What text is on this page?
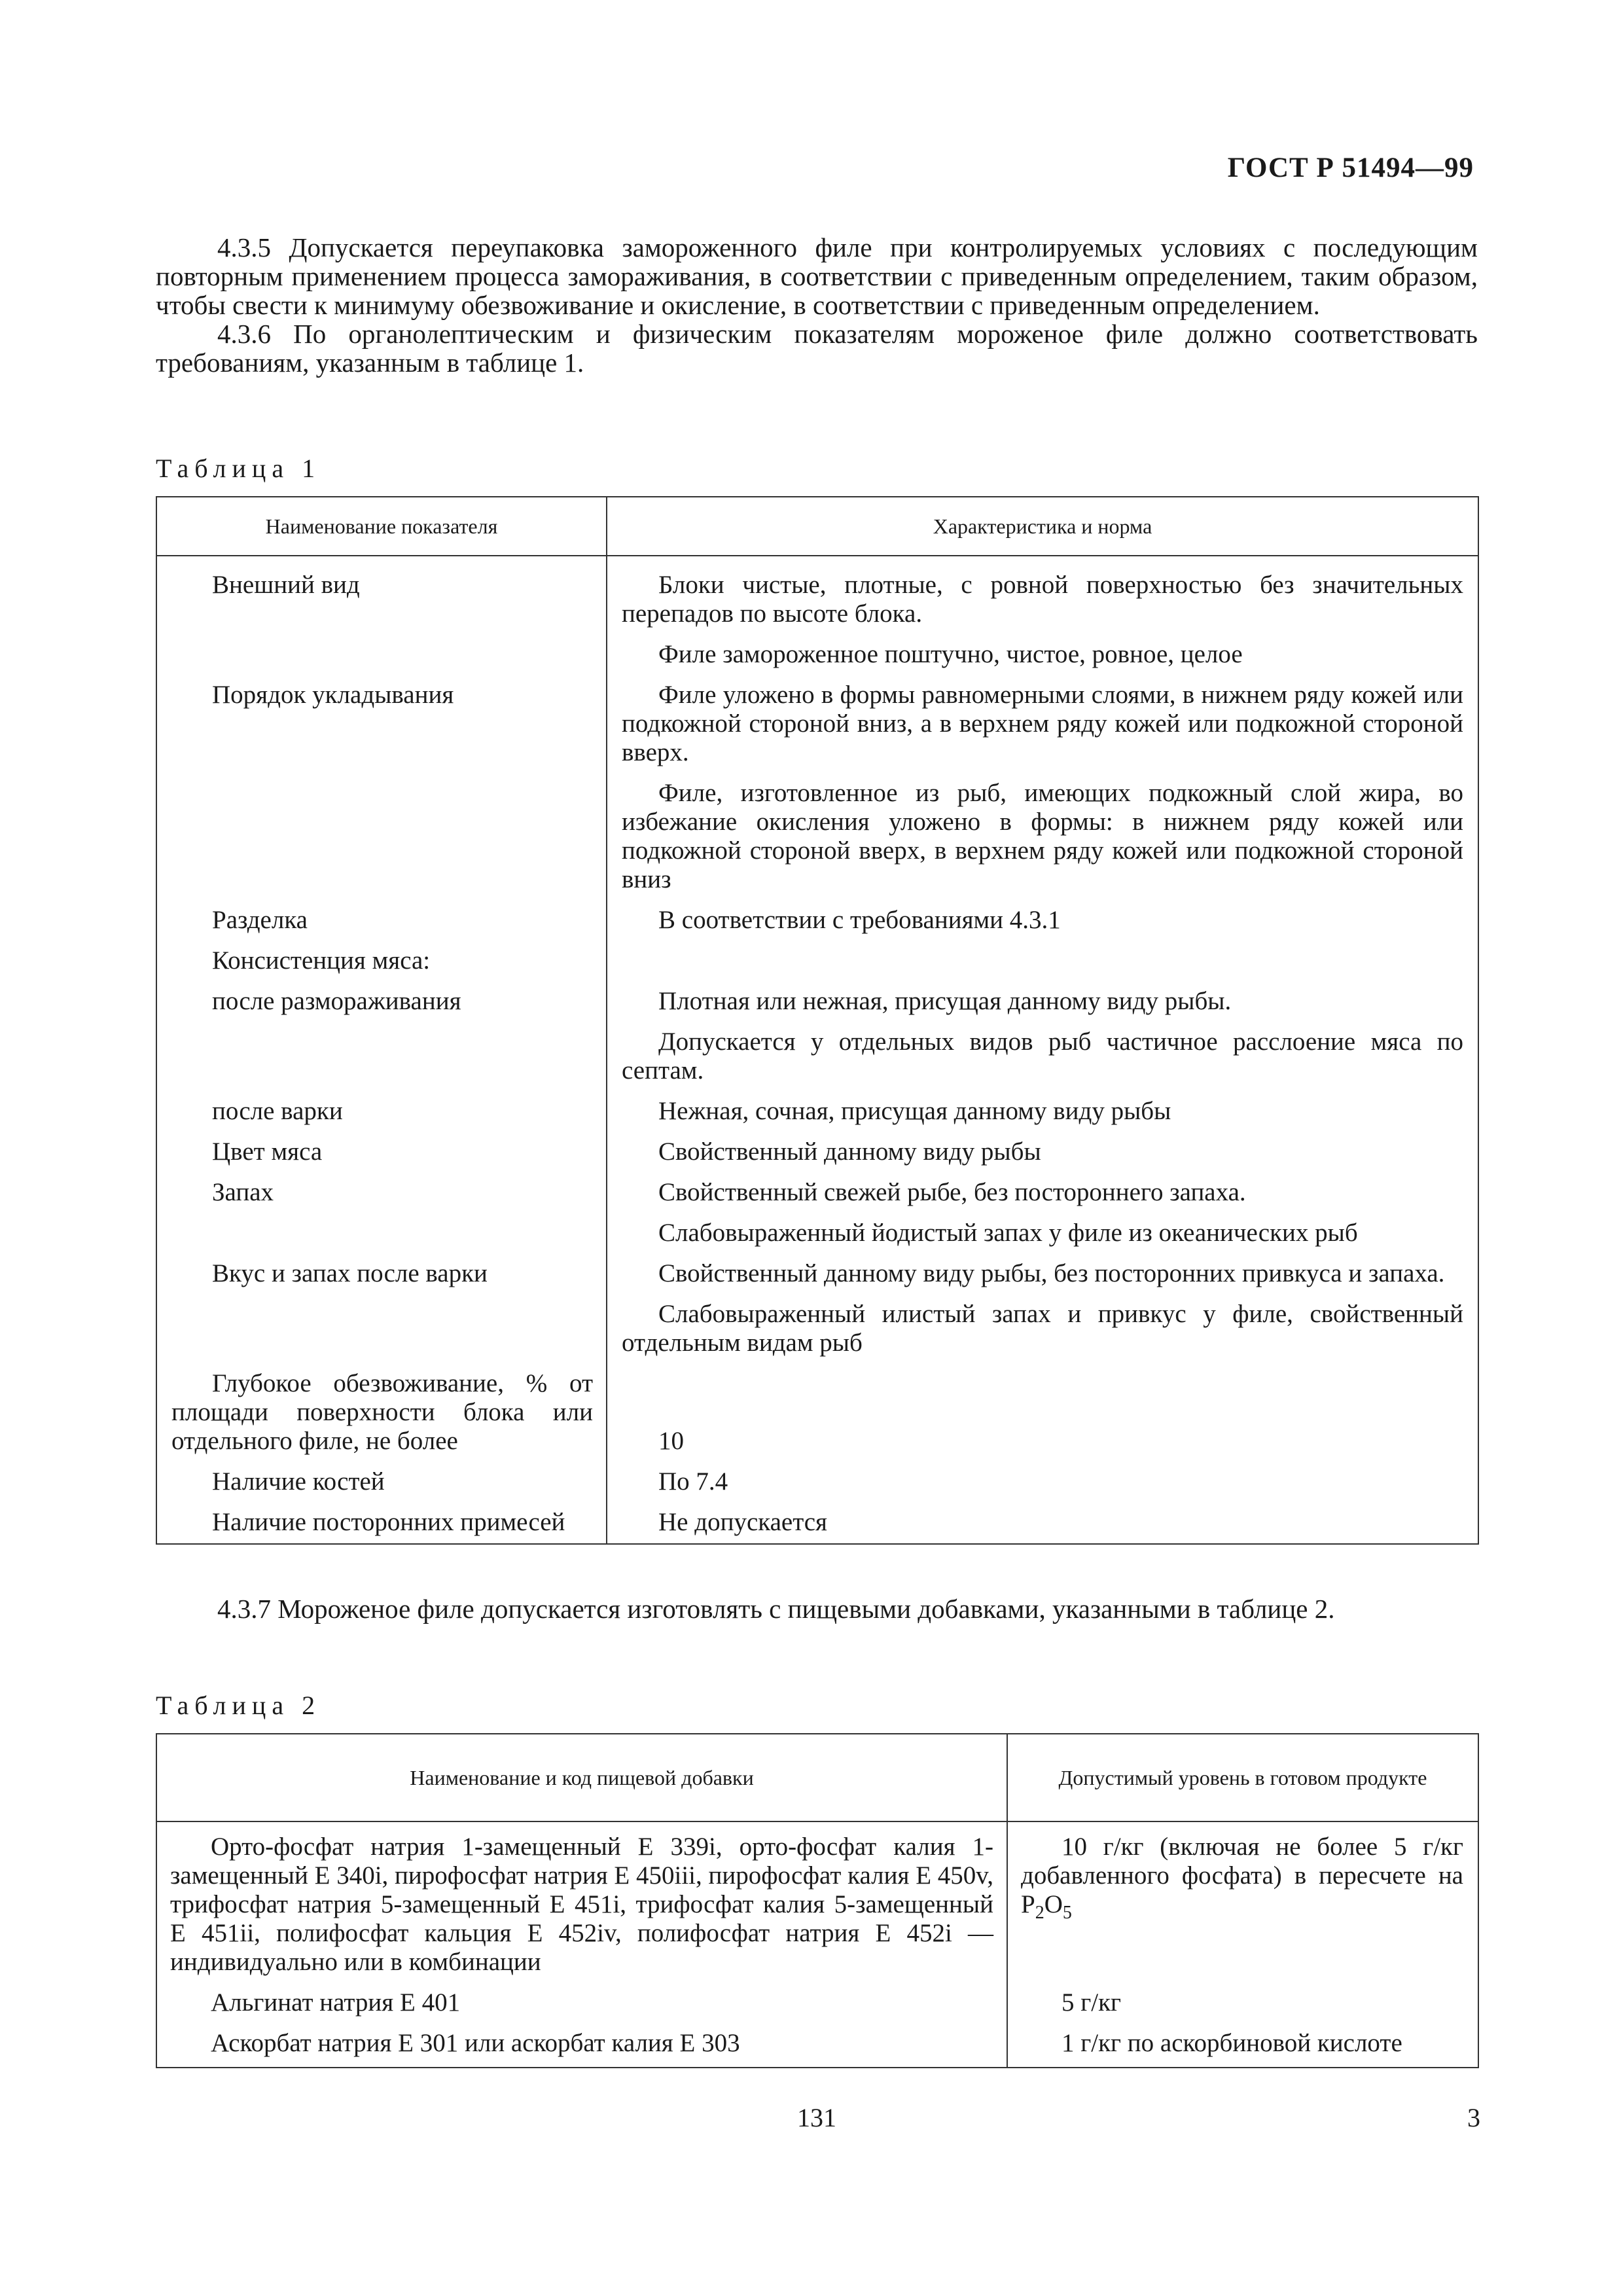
ГОСТ Р 51494—99

4.3.5 Допускается переупаковка замороженного филе при контролируемых условиях с последующим повторным применением процесса замораживания, в соответствии с приведенным определением, таким образом, чтобы свести к минимуму обезвоживание и окисление, в соответствии с приведенным определением.

4.3.6 По органолептическим и физическим показателям мороженое филе должно соответствовать требованиям, указанным в таблице 1.

Таблица 1
Наименование показателя	Характеристика и норма
Внешний вид	Блоки чистые, плотные, с ровной поверхностью без значительных перепадов по высоте блока.

	Филе замороженное поштучно, чистое, ровное, целое

Порядок укладывания	Филе уложено в формы равномерными слоями, в нижнем ряду кожей или подкожной стороной вниз, а в верхнем ряду кожей или подкожной стороной вверх.

	Филе, изготовленное из рыб, имеющих подкожный слой жира, во избежание окисления уложено в формы: в нижнем ряду кожей или подкожной стороной вверх, в верхнем ряду кожей или подкожной стороной вниз

Разделка	В соответствии с требованиями 4.3.1

Консистенция мяса:	

после размораживания	Плотная или нежная, присущая данному виду рыбы.

	Допускается у отдельных видов рыб частичное расслоение мяса по септам.

после варки	Нежная, сочная, присущая данному виду рыбы

Цвет мяса	Свойственный данному виду рыбы

Запах	Свойственный свежей рыбе, без постороннего запаха.

	Слабовыраженный йодистый запах у филе из океанических рыб

Вкус и запах после варки	Свойственный данному виду рыбы, без посторонних привкуса и запаха.

	Слабовыраженный илистый запах и привкус у филе, свойственный отдельным видам рыб

Глубокое обезвоживание, % от площади поверхности блока или отдельного филе, не более	10

Наличие костей	По 7.4

Наличие посторонних примесей	Не допускается

4.3.7 Мороженое филе допускается изготовлять с пищевыми добавками, указанными в таблице 2.

Таблица 2
Наименование и код пищевой добавки	Допустимый уровень в готовом продукте
Орто-фосфат натрия 1-замещенный Е 339i, орто-фосфат калия 1-замещенный Е 340i, пирофосфат натрия Е 450iii, пирофосфат калия Е 450v, трифосфат натрия 5-замещенный Е 451i, трифосфат калия 5-замещенный Е 451ii, полифосфат кальция Е 452iv, полифосфат натрия Е 452i — индивидуально или в комбинации	10 г/кг (включая не более 5 г/кг добавленного фосфата) в пересчете на $P_2O_5$
Альгинат натрия Е 401	5 г/кг
Аскорбат натрия Е 301 или аскорбат калия Е 303	1 г/кг по аскорбиновой кислоте
131	3
